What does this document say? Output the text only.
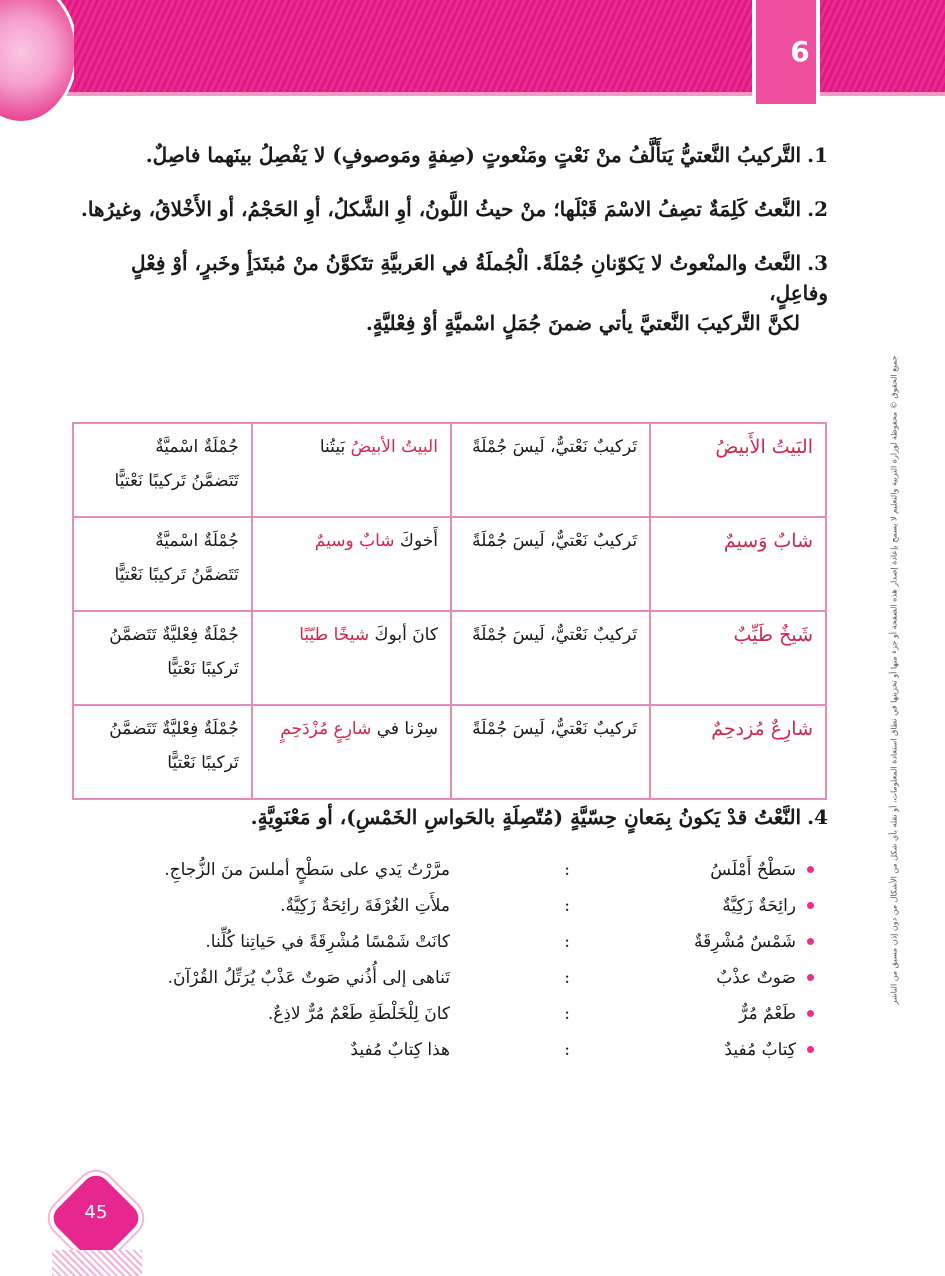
6
جميع الحقوق © محفوظة لوزارة التربية والتعليم لا يسمح بإعادة إصدار هذه الصفحة أو جزء منها أو تخزينها في نطاق استعادة المعلومات، أو نقله بأي شكل من الأشكال من دون إذن مسبق من الناشر
1.التَّركيبُ النَّعتيُّ يَتأَلَّفُ منْ نَعْتٍ ومَنْعوتٍ (صِفةٍ ومَوصوفٍ) لا يَفْصِلُ بينَهما فاصِلٌ.
2.النَّعتُ كَلِمَةٌ تصِفُ الاسْمَ قَبْلَها؛ منْ حيثُ اللَّونُ، أوِ الشَّكلُ، أوِ الحَجْمُ، أو الأَخْلاقُ، وغيرُها.
3.النَّعتُ والمنْعوتُ لا يَكوّنانِ جُمْلَةً. الْجُملَةُ في العَربيَّةِ تتَكوَّنُ منْ مُبتَدَأٍ وخَبرٍ، أوْ فِعْلٍ وفاعِلٍ،
لكنَّ التَّركيبَ النَّعتيَّ يأتي ضمنَ جُمَلٍ اسْميَّةٍ أوْ فِعْليَّةٍ.
البَيتُ الأَبيضُ	تَركيبٌ نَعْتيٌّ، لَيسَ جُمْلَةً	البيتُ الأبيضُ بَيتُنا	جُمْلَةٌ اسْميَّةٌ
تَتَضمَّنُ تَركيبًا نَعْتيًّا

شابٌ وَسيمٌ	تَركيبٌ نَعْتيٌّ، لَيسَ جُمْلَةً	أَخوكَ شابٌ وسيمٌ	جُمْلَةٌ اسْميَّةٌ
تَتَضمَّنُ تَركيبًا نَعْتيًّا

شَيخٌ طَيِّبٌ	تَركيبٌ نَعْتيٌّ، لَيسَ جُمْلَةً	كانَ أبوكَ شيخًا طيّبًا	جُمْلَةٌ فِعْليَّةٌ تَتَضمَّنُ
تَركيبًا نَعْتيًّا

شارِعٌ مُزدحِمٌ	تَركيبٌ نَعْتيٌّ، لَيسَ جُمْلَةً	سِرْنا في شارِعٍ مُزْدَحِمٍ	جُمْلَةٌ فِعْليَّةٌ تَتَضمَّنُ
تَركيبًا نَعْتيًّا
4.النَّعْتُ قدْ يَكونُ بِمَعانٍ حِسّيَّةٍ (مُتّصِلَةٍ بالحَواسِ الخَمْسِ)، أو مَعْنَوِيَّةٍ.
سَطْحٌ أَمْلَسُ
:
مرَّرْتُ يَدي على سَطْحٍ أملسَ منَ الزُّجاجِ.
رائِحَةٌ زَكِيَّةٌ
:
ملأَتِ الغُرْفَةَ رائِحَةٌ زَكِيَّةٌ.
شَمْسٌ مُشْرِقَةٌ
:
كانَتْ شَمْسًا مُشْرِقَةً في حَياتِنا كُلِّنا.
صَوتٌ عذْبٌ
:
تَناهى إلى أُذُني صَوتٌ عَذْبٌ يُرَتِّلُ القُرْآنَ.
طَعْمٌ مُرٌّ
:
كانَ لِلْخَلْطَةِ طَعْمٌ مُرٌّ لاذِعٌ.
كِتابٌ مُفيدٌ
:
هذا كِتابٌ مُفيدٌ
45
